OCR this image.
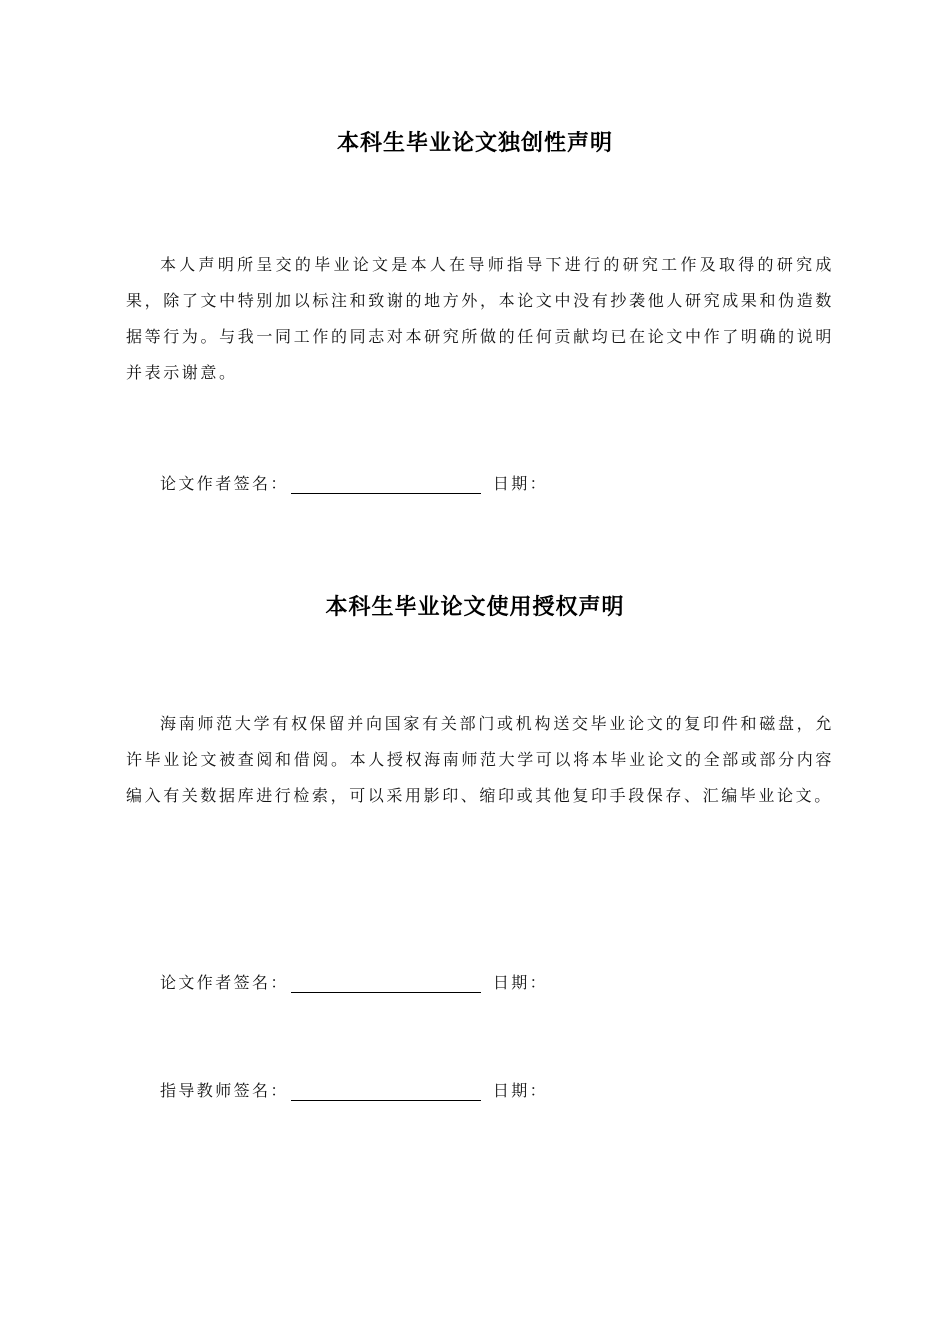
本科生毕业论文独创性声明
本人声明所呈交的毕业论文是本人在导师指导下进行的研究工作及取得的研究成果，除了文中特别加以标注和致谢的地方外，本论文中没有抄袭他人研究成果和伪造数据等行为。与我一同工作的同志对本研究所做的任何贡献均已在论文中作了明确的说明并表示谢意。
论文作者签名：	日期：
本科生毕业论文使用授权声明
海南师范大学有权保留并向国家有关部门或机构送交毕业论文的复印件和磁盘，允许毕业论文被查阅和借阅。本人授权海南师范大学可以将本毕业论文的全部或部分内容编入有关数据库进行检索，可以采用影印、缩印或其他复印手段保存、汇编毕业论文。
论文作者签名：	日期：
指导教师签名：	日期：
